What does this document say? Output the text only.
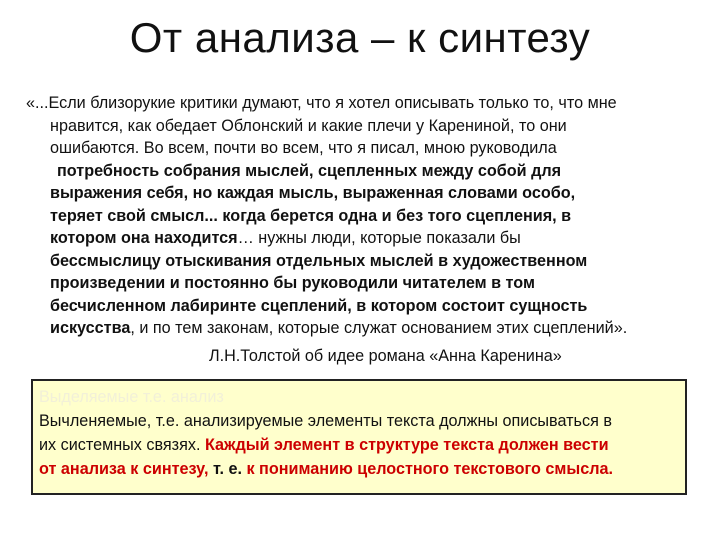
От анализа – к синтезу
«...Если близорукие критики думают, что я хотел описывать только то, что мне
нравится, как обедает Облонский и какие плечи у Карениной, то они
ошибаются. Во всем, почти во всем, что я писал, мною руководила
потребность собрания мыслей, сцепленных между собой для
выражения себя, но каждая мысль, выраженная словами особо,
теряет свой смысл... когда берется одна и без того сцепления, в
котором она находится… нужны люди, которые показали бы
бессмыслицу отыскивания отдельных мыслей в художественном
произведении и постоянно бы руководили читателем в том
бесчисленном лабиринте сцеплений, в котором состоит сущность
искусства, и по тем законам, которые служат основанием этих сцеплений».
Л.Н.Толстой об идее романа «Анна Каренина»
Выделяемые т.е. анализ
Вычленяемые, т.е. анализируемые элементы текста должны описываться в
их системных связях. Каждый элемент в структуре текста должен вести
от анализа к синтезу, т. е. к пониманию целостного текстового смысла.
